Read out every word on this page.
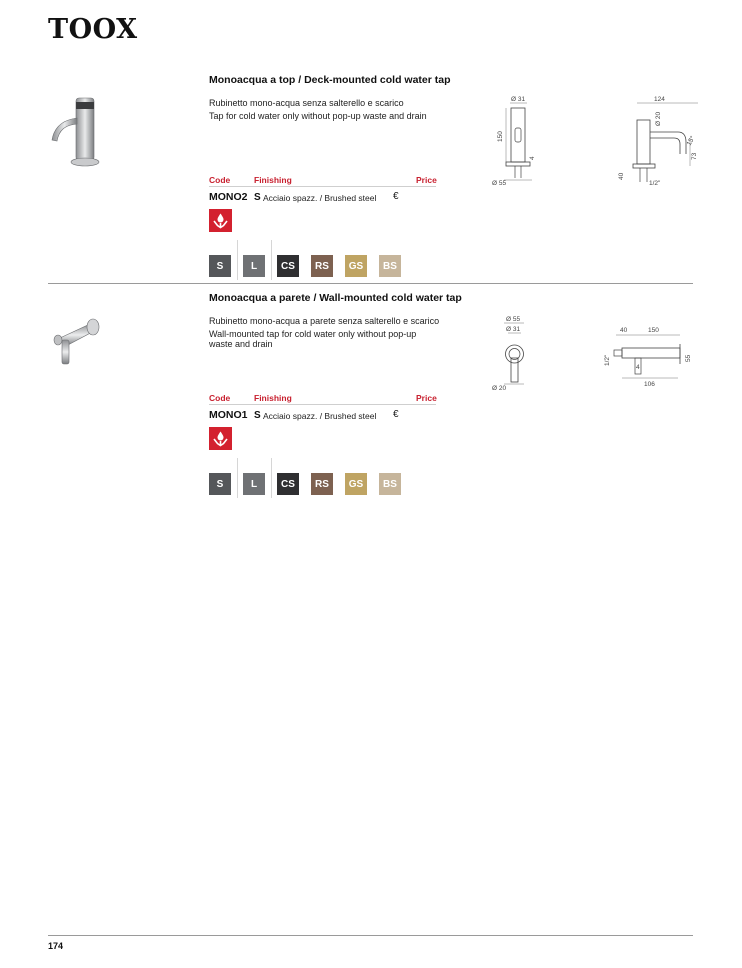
TOOX
Monoacqua a top / Deck-mounted cold water tap

Rubinetto mono-acqua senza salterello e scarico

Tap for cold water only without pop-up waste and drain

Code	Finishing	Price
MONO2 S Acciaio spazz. / Brushed steel €
S	L CS RS GS BS
Ø 31
150
4
Ø 55
124
Ø 20
15°
73
40
1/2"
Monoacqua a parete / Wall-mounted cold water tap

Rubinetto mono-acqua a parete senza salterello e scarico

Wall-mounted tap for cold water only without pop-up waste and drain

Code	Finishing	Price
MONO1 S Acciaio spazz. / Brushed steel €
S	L CS RS GS BS
Ø 55
Ø 31
Ø 20
40	150
1/2"
4
55
106
174
